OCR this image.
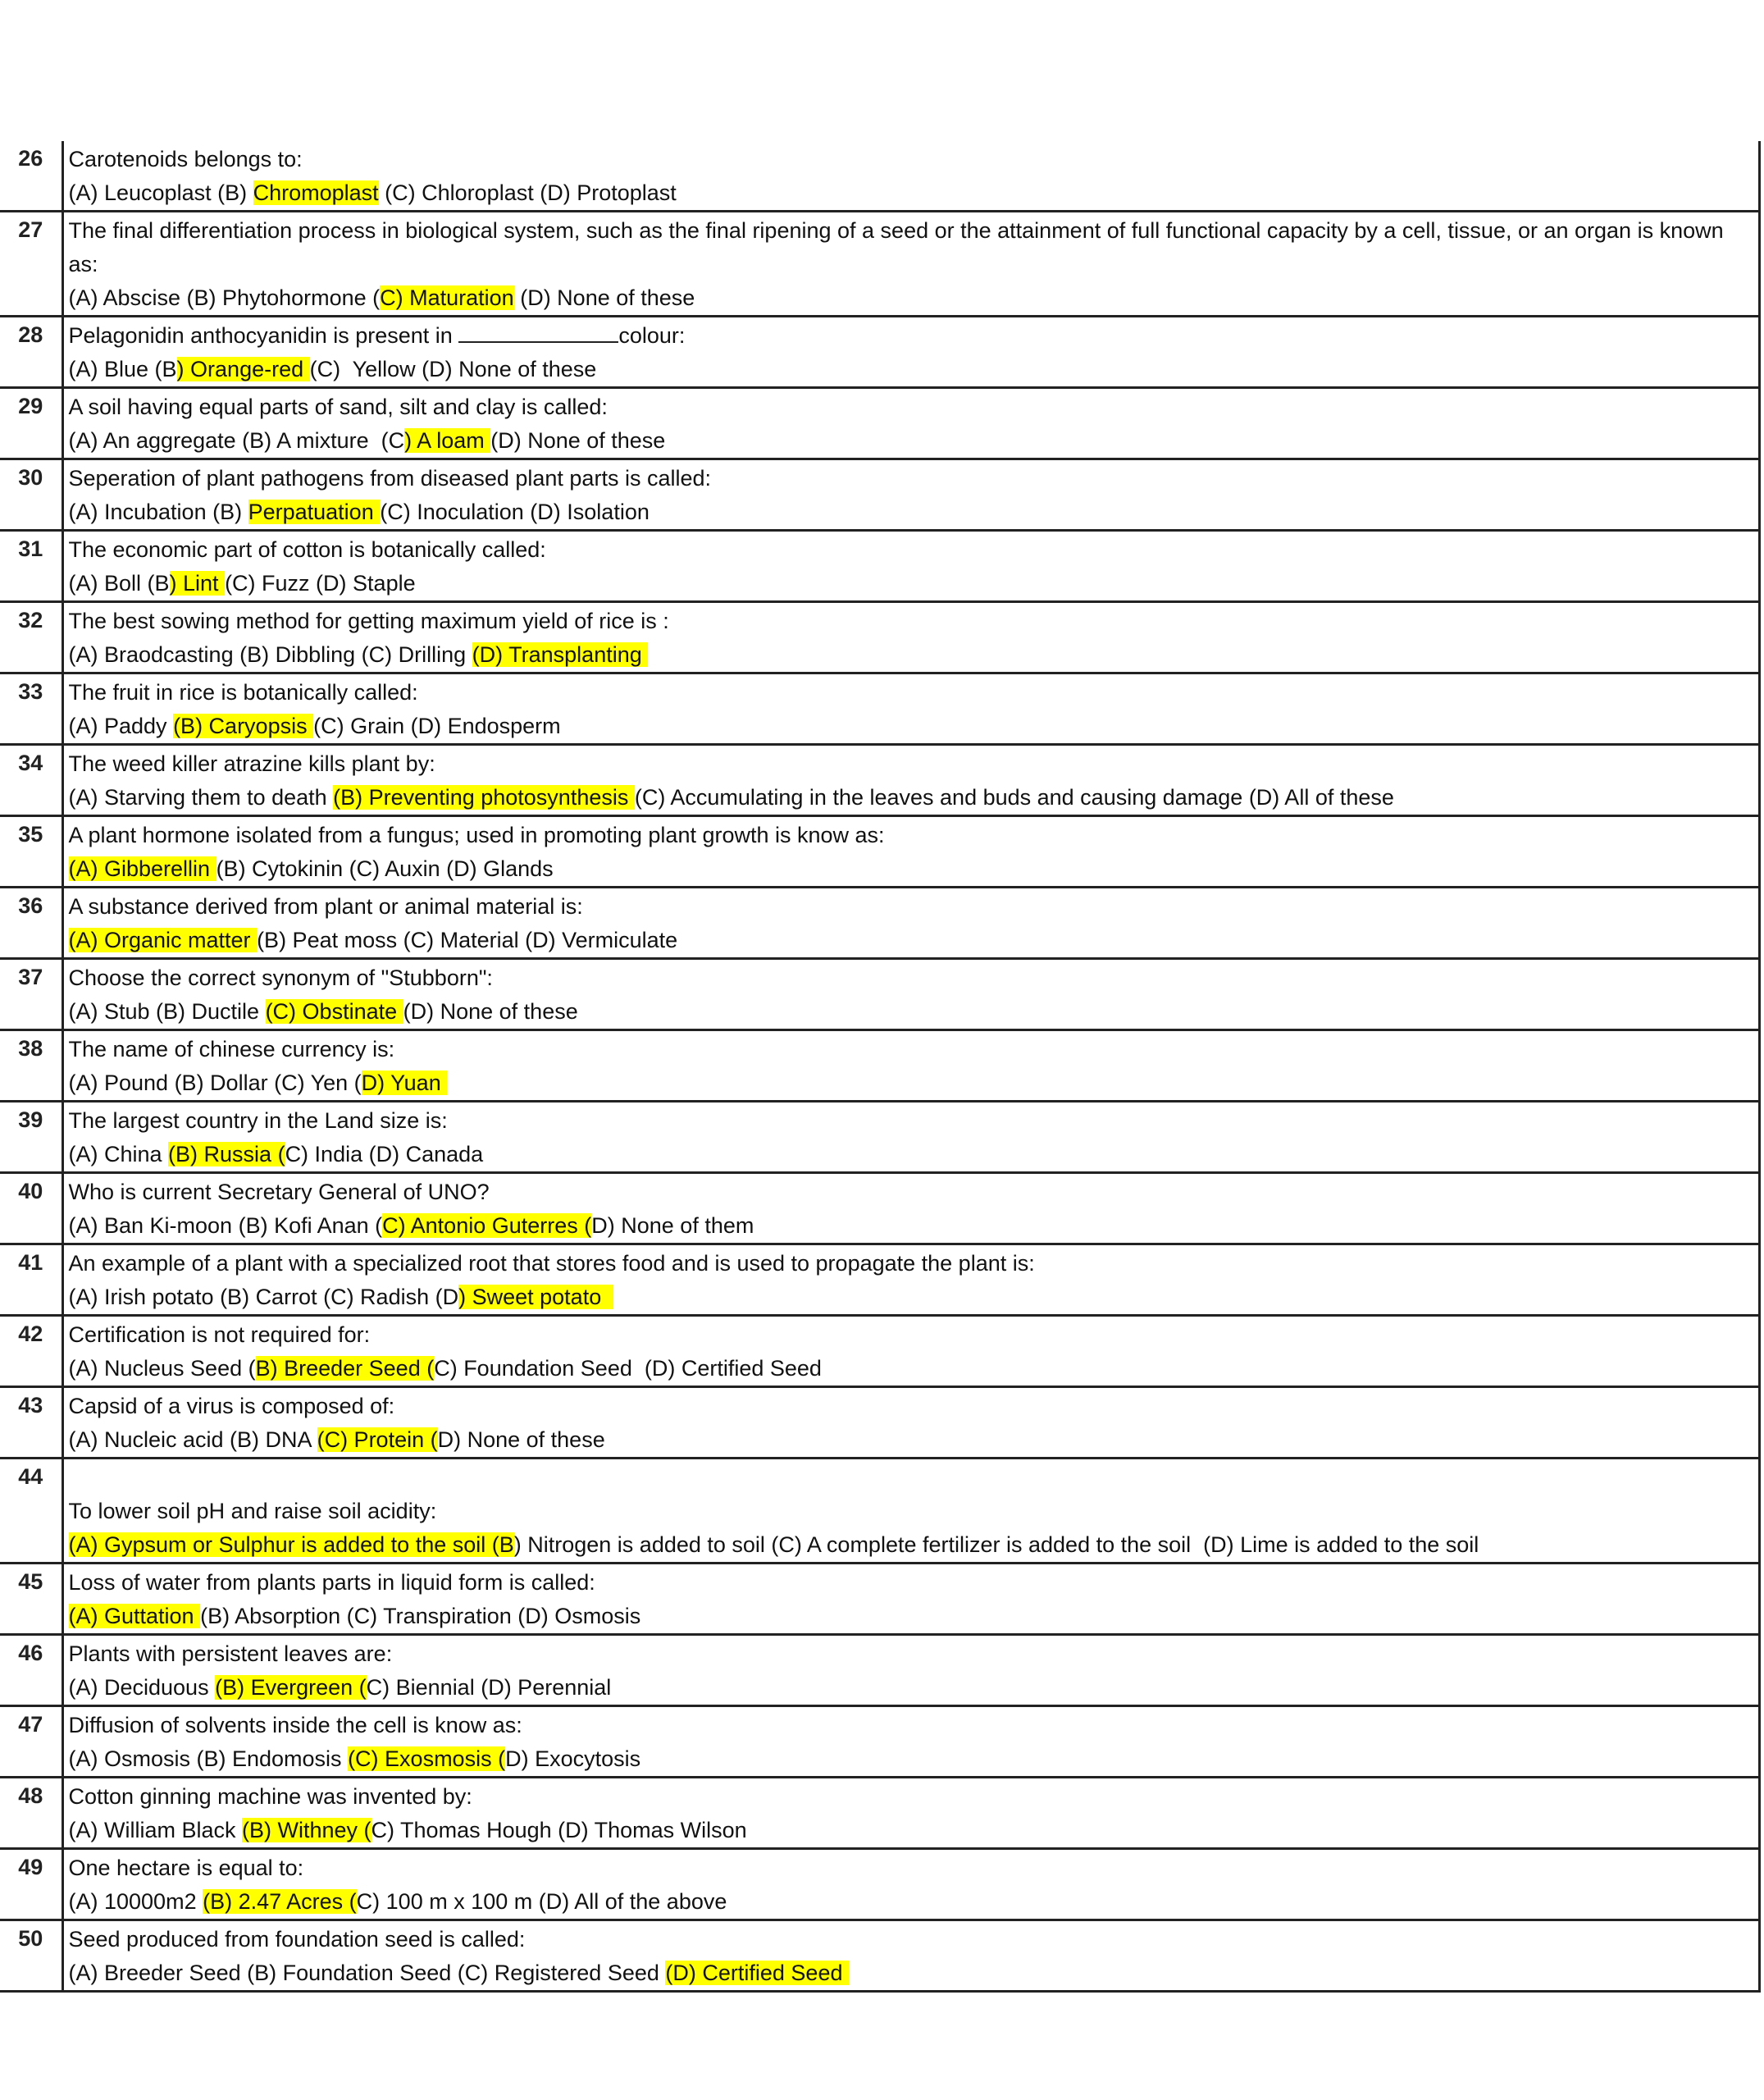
26	Carotenoids belongs to:
(A) Leucoplast (B) Chromoplast (C) Chloroplast (D) Protoplast

27	The final differentiation process in biological system, such as the final ripening of a seed or the attainment of full functional capacity by a cell, tissue, or an organ is known as:
(A) Abscise (B) Phytohormone (C) Maturation (D) None of these

28	Pelagonidin anthocyanidin is present in colour:
(A) Blue (B) Orange-red (C)  Yellow (D) None of these

29	A soil having equal parts of sand, silt and clay is called:
(A) An aggregate (B) A mixture  (C) A loam (D) None of these

30	Seperation of plant pathogens from diseased plant parts is called:
(A) Incubation (B) Perpatuation (C) Inoculation (D) Isolation

31	The economic part of cotton is botanically called:
(A) Boll (B) Lint (C) Fuzz (D) Staple

32	The best sowing method for getting maximum yield of rice is :
(A) Braodcasting (B) Dibbling (C) Drilling (D) Transplanting

33	The fruit in rice is botanically called:
(A) Paddy (B) Caryopsis (C) Grain (D) Endosperm

34	The weed killer atrazine kills plant by:
(A) Starving them to death (B) Preventing photosynthesis (C) Accumulating in the leaves and buds and causing damage (D) All of these

35	A plant hormone isolated from a fungus; used in promoting plant growth is know as:
(A) Gibberellin (B) Cytokinin (C) Auxin (D) Glands

36	A substance derived from plant or animal material is:
(A) Organic matter (B) Peat moss (C) Material (D) Vermiculate

37	Choose the correct synonym of "Stubborn":
(A) Stub (B) Ductile (C) Obstinate (D) None of these

38	The name of chinese currency is:
(A) Pound (B) Dollar (C) Yen (D) Yuan

39	The largest country in the Land size is:
(A) China (B) Russia (C) India (D) Canada

40	Who is current Secretary General of UNO?
(A) Ban Ki-moon (B) Kofi Anan (C) Antonio Guterres (D) None of them

41	An example of a plant with a specialized root that stores food and is used to propagate the plant is:
(A) Irish potato (B) Carrot (C) Radish (D) Sweet potato

42	Certification is not required for:
(A) Nucleus Seed (B) Breeder Seed (C) Foundation Seed  (D) Certified Seed

43	Capsid of a virus is composed of:
(A) Nucleic acid (B) DNA (C) Protein (D) None of these

44	To lower soil pH and raise soil acidity:
(A) Gypsum or Sulphur is added to the soil (B) Nitrogen is added to soil (C) A complete fertilizer is added to the soil  (D) Lime is added to the soil

45	Loss of water from plants parts in liquid form is called:
(A) Guttation (B) Absorption (C) Transpiration (D) Osmosis

46	Plants with persistent leaves are:
(A) Deciduous (B) Evergreen (C) Biennial (D) Perennial

47	Diffusion of solvents inside the cell is know as:
(A) Osmosis (B) Endomosis (C) Exosmosis (D) Exocytosis

48	Cotton ginning machine was invented by:
(A) William Black (B) Withney (C) Thomas Hough (D) Thomas Wilson

49	One hectare is equal to:
(A) 10000m2 (B) 2.47 Acres (C) 100 m x 100 m (D) All of the above

50	Seed produced from foundation seed is called:
(A) Breeder Seed (B) Foundation Seed (C) Registered Seed (D) Certified Seed
